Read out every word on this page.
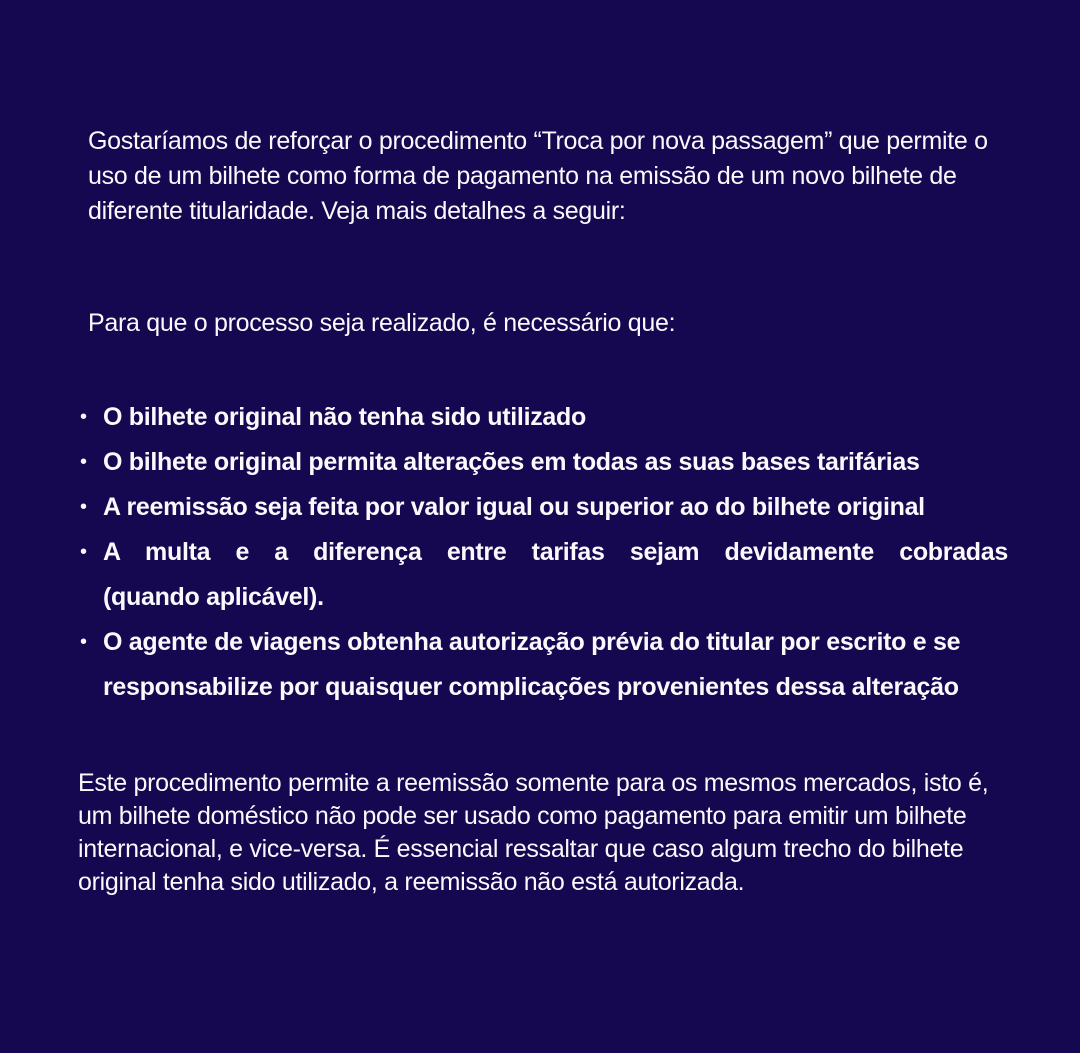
Gostaríamos de reforçar o procedimento “Troca por nova passagem” que permite o uso de um bilhete como forma de pagamento na emissão de um novo bilhete de diferente titularidade. Veja mais detalhes a seguir:

Para que o processo seja realizado, é necessário que:

• O bilhete original não tenha sido utilizado
• O bilhete original permita alterações em todas as suas bases tarifárias
• A reemissão seja feita por valor igual ou superior ao do bilhete original
• A multa e a diferença entre tarifas sejam devidamente cobradas
(quando aplicável).
• O agente de viagens obtenha autorização prévia do titular por escrito e se responsabilize por quaisquer complicações provenientes dessa alteração

Este procedimento permite a reemissão somente para os mesmos mercados, isto é, um bilhete doméstico não pode ser usado como pagamento para emitir um bilhete internacional, e vice-versa. É essencial ressaltar que caso algum trecho do bilhete original tenha sido utilizado, a reemissão não está autorizada.
